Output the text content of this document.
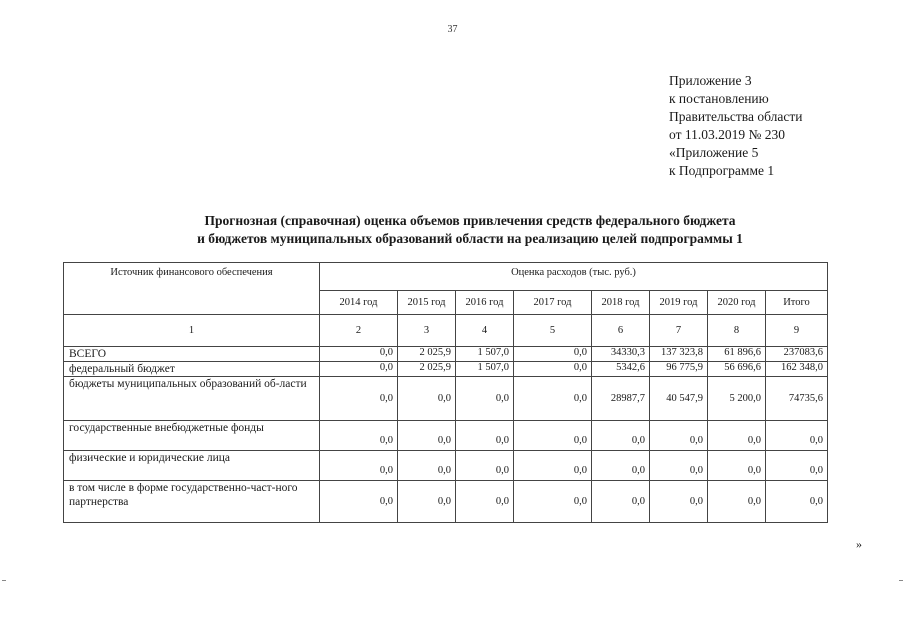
37
Приложение 3
к постановлению
Правительства области
от 11.03.2019 № 230
«Приложение 5
к Подпрограмме 1
Прогнозная (справочная) оценка объемов привлечения средств федерального бюджета
и бюджетов муниципальных образований области на реализацию целей подпрограммы 1
Источник финансового обеспечения	Оценка расходов (тыс. руб.)							
	2014 год	2015 год	2016 год	2017 год	2018 год	2019 год	2020 год	Итого
1	2	3	4	5	6	7	8	9
ВСЕГО	0,0	2 025,9	1 507,0	0,0	34330,3	137 323,8	61 896,6	237083,6
федеральный бюджет	0,0	2 025,9	1 507,0	0,0	5342,6	96 775,9	56 696,6	162 348,0
бюджеты муниципальных образований об-ласти	0,0	0,0	0,0	0,0	28987,7	40 547,9	5 200,0	74735,6
государственные внебюджетные фонды	0,0	0,0	0,0	0,0	0,0	0,0	0,0	0,0
физические и юридические лица	0,0	0,0	0,0	0,0	0,0	0,0	0,0	0,0
в том числе в форме государственно-част-ного партнерства	0,0	0,0	0,0	0,0	0,0	0,0	0,0	0,0
»
